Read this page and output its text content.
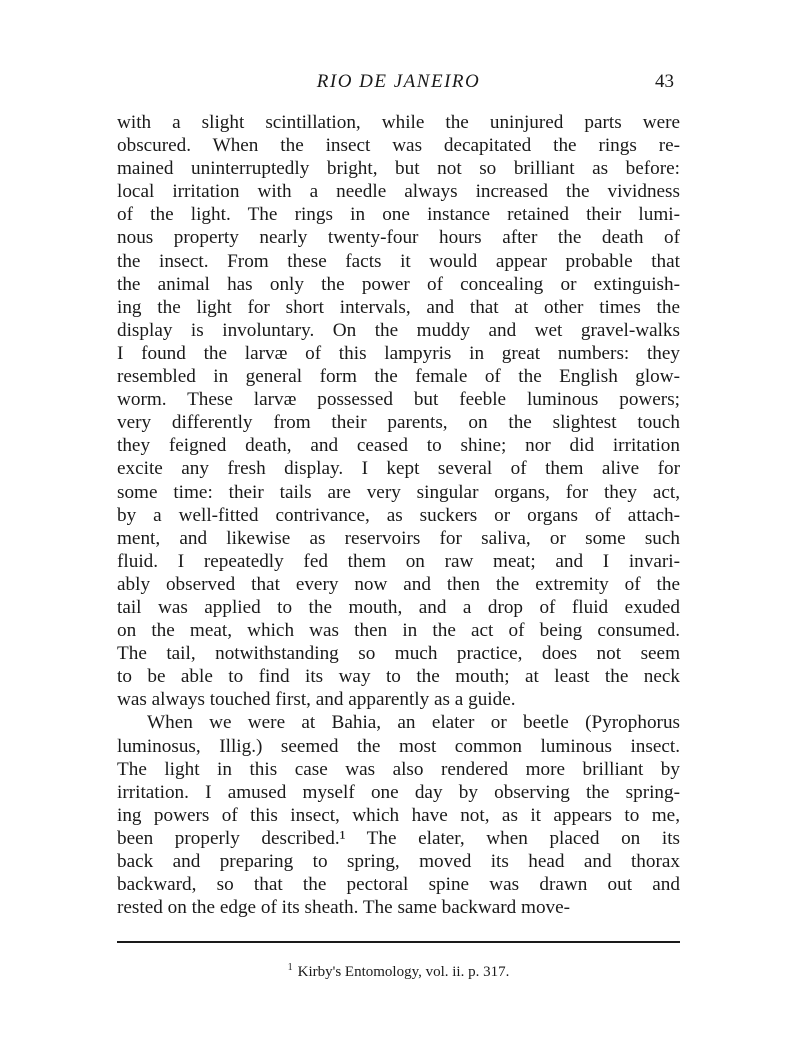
RIO DE JANEIRO	43
with a slight scintillation, while the uninjured parts were
obscured. When the insect was decapitated the rings re-
mained uninterruptedly bright, but not so brilliant as before:
local irritation with a needle always increased the vividness
of the light. The rings in one instance retained their lumi-
nous property nearly twenty-four hours after the death of
the insect. From these facts it would appear probable that
the animal has only the power of concealing or extinguish-
ing the light for short intervals, and that at other times the
display is involuntary. On the muddy and wet gravel-walks
I found the larvæ of this lampyris in great numbers: they
resembled in general form the female of the English glow-
worm. These larvæ possessed but feeble luminous powers;
very differently from their parents, on the slightest touch
they feigned death, and ceased to shine; nor did irritation
excite any fresh display. I kept several of them alive for
some time: their tails are very singular organs, for they act,
by a well-fitted contrivance, as suckers or organs of attach-
ment, and likewise as reservoirs for saliva, or some such
fluid. I repeatedly fed them on raw meat; and I invari-
ably observed that every now and then the extremity of the
tail was applied to the mouth, and a drop of fluid exuded
on the meat, which was then in the act of being consumed.
The tail, notwithstanding so much practice, does not seem
to be able to find its way to the mouth; at least the neck
was always touched first, and apparently as a guide.
When we were at Bahia, an elater or beetle (Pyrophorus
luminosus, Illig.) seemed the most common luminous insect.
The light in this case was also rendered more brilliant by
irritation. I amused myself one day by observing the spring-
ing powers of this insect, which have not, as it appears to me,
been properly described.¹ The elater, when placed on its
back and preparing to spring, moved its head and thorax
backward, so that the pectoral spine was drawn out and
rested on the edge of its sheath. The same backward move-
$^1$ Kirby's Entomology, vol. ii. p. 317.
